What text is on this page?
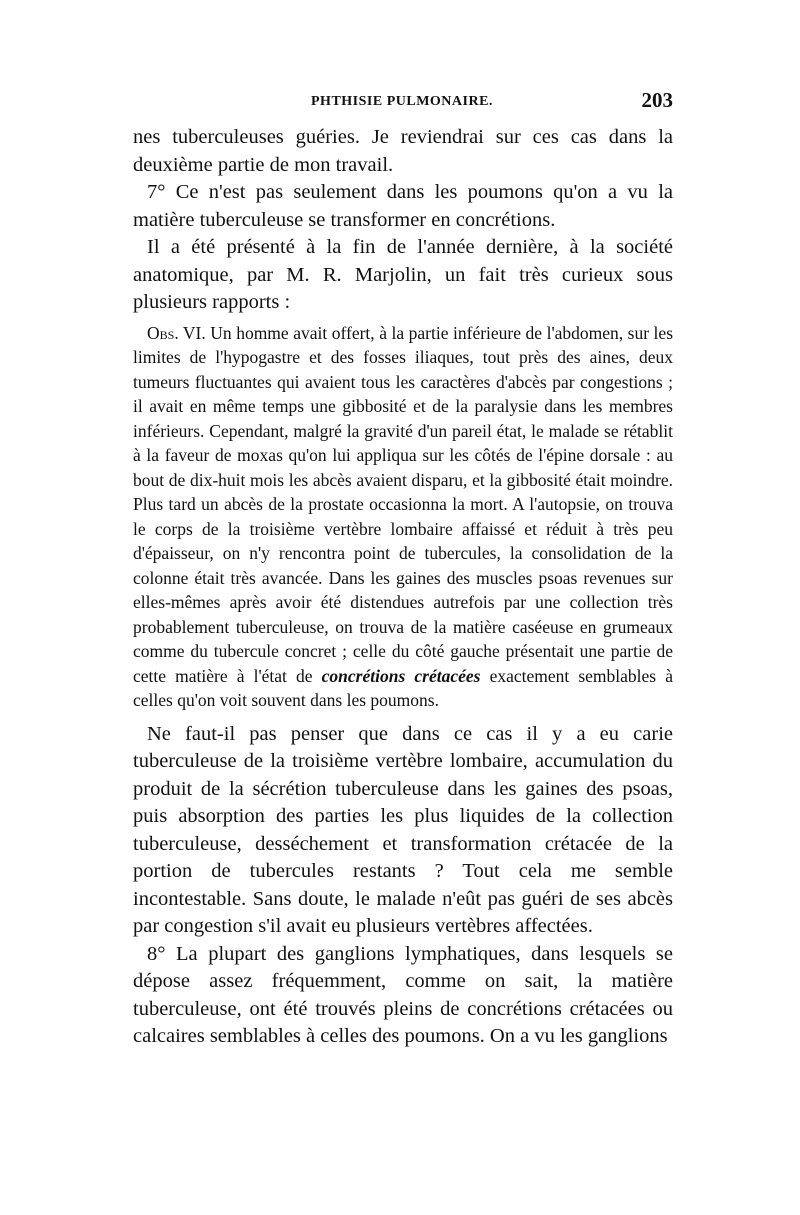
PHTHISIE PULMONAIRE.	203

nes tuberculeuses guéries. Je reviendrai sur ces cas dans la deuxième partie de mon travail.

7° Ce n'est pas seulement dans les poumons qu'on a vu la matière tuberculeuse se transformer en concrétions.

Il a été présenté à la fin de l'année dernière, à la société anatomique, par M. R. Marjolin, un fait très curieux sous plusieurs rapports :

Obs. VI. Un homme avait offert, à la partie inférieure de l'abdomen, sur les limites de l'hypogastre et des fosses iliaques, tout près des aines, deux tumeurs fluctuantes qui avaient tous les caractères d'abcès par congestions ; il avait en même temps une gibbosité et de la paralysie dans les membres inférieurs. Cependant, malgré la gravité d'un pareil état, le malade se rétablit à la faveur de moxas qu'on lui appliqua sur les côtés de l'épine dorsale : au bout de dix-huit mois les abcès avaient disparu, et la gibbosité était moindre. Plus tard un abcès de la prostate occasionna la mort. A l'autopsie, on trouva le corps de la troisième vertèbre lombaire affaissé et réduit à très peu d'épaisseur, on n'y rencontra point de tubercules, la consolidation de la colonne était très avancée. Dans les gaines des muscles psoas revenues sur elles-mêmes après avoir été distendues autrefois par une collection très probablement tuberculeuse, on trouva de la matière caséeuse en grumeaux comme du tubercule concret ; celle du côté gauche présentait une partie de cette matière à l'état de concrétions crétacées exactement semblables à celles qu'on voit souvent dans les poumons.

Ne faut-il pas penser que dans ce cas il y a eu carie tuberculeuse de la troisième vertèbre lombaire, accumulation du produit de la sécrétion tuberculeuse dans les gaines des psoas, puis absorption des parties les plus liquides de la collection tuberculeuse, desséchement et transformation crétacée de la portion de tubercules restants ? Tout cela me semble incontestable. Sans doute, le malade n'eût pas guéri de ses abcès par congestion s'il avait eu plusieurs vertèbres affectées.

8° La plupart des ganglions lymphatiques, dans lesquels se dépose assez fréquemment, comme on sait, la matière tuberculeuse, ont été trouvés pleins de concrétions crétacées ou calcaires semblables à celles des poumons. On a vu les ganglions
